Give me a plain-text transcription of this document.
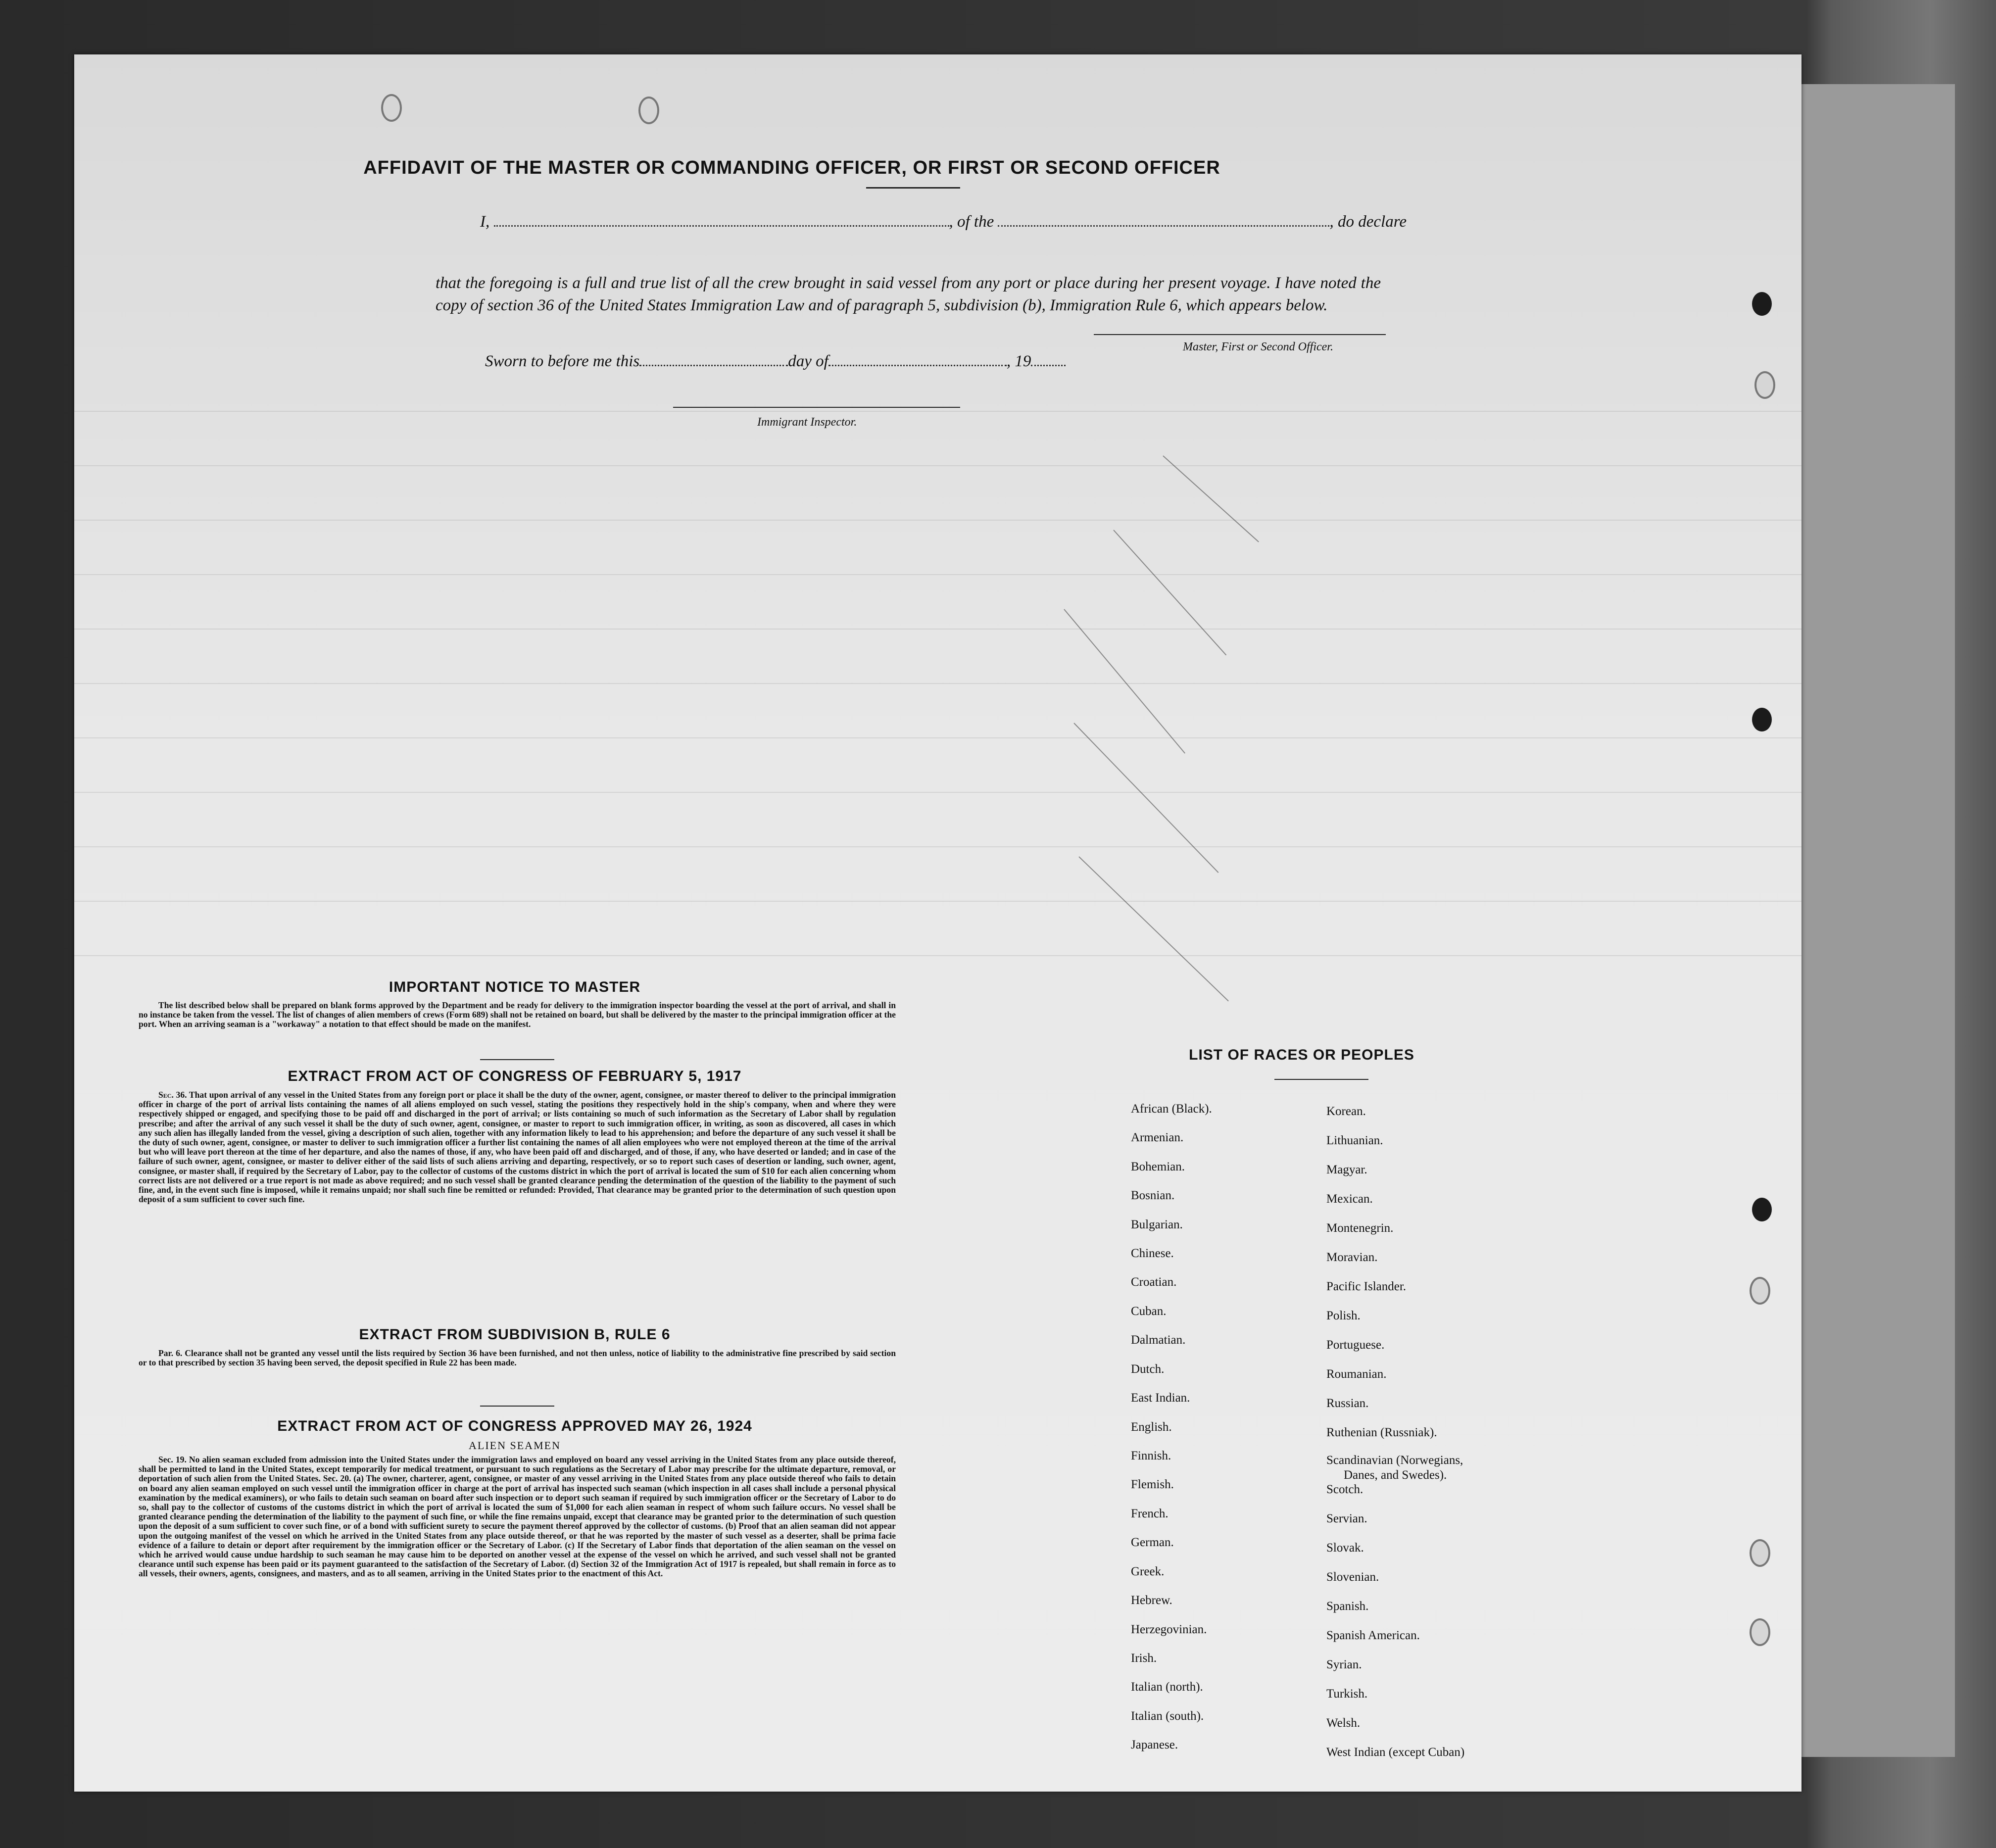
AFFIDAVIT OF THE MASTER OR COMMANDING OFFICER, OR FIRST OR SECOND OFFICER
I,	, of the	, do declare
that the foregoing is a full and true list of all the crew brought in said vessel from any port or place during her present voyage. I have noted the copy of section 36 of the United States Immigration Law and of paragraph 5, subdivision (b), Immigration Rule 6, which appears below.
Master, First or Second Officer.
Sworn to before me this	day of	, 19
Immigrant Inspector.
IMPORTANT NOTICE TO MASTER
The list described below shall be prepared on blank forms approved by the Department and be ready for delivery to the immigration inspector boarding the vessel at the port of arrival, and shall in no instance be taken from the vessel. The list of changes of alien members of crews (Form 689) shall not be retained on board, but shall be delivered by the master to the principal immigration officer at the port. When an arriving seaman is a "workaway" a notation to that effect should be made on the manifest.
EXTRACT FROM ACT OF CONGRESS OF FEBRUARY 5, 1917
Sec. 36. That upon arrival of any vessel in the United States from any foreign port or place it shall be the duty of the owner, agent, consignee, or master thereof to deliver to the principal immigration officer in charge of the port of arrival lists containing the names of all aliens employed on such vessel, stating the positions they respectively hold in the ship's company, when and where they were respectively shipped or engaged, and specifying those to be paid off and discharged in the port of arrival; or lists containing so much of such information as the Secretary of Labor shall by regulation prescribe; and after the arrival of any such vessel it shall be the duty of such owner, agent, consignee, or master to report to such immigration officer, in writing, as soon as discovered, all cases in which any such alien has illegally landed from the vessel, giving a description of such alien, together with any information likely to lead to his apprehension; and before the departure of any such vessel it shall be the duty of such owner, agent, consignee, or master to deliver to such immigration officer a further list containing the names of all alien employees who were not employed thereon at the time of the arrival but who will leave port thereon at the time of her departure, and also the names of those, if any, who have been paid off and discharged, and of those, if any, who have deserted or landed; and in case of the failure of such owner, agent, consignee, or master to deliver either of the said lists of such aliens arriving and departing, respectively, or so to report such cases of desertion or landing, such owner, agent, consignee, or master shall, if required by the Secretary of Labor, pay to the collector of customs of the customs district in which the port of arrival is located the sum of $10 for each alien concerning whom correct lists are not delivered or a true report is not made as above required; and no such vessel shall be granted clearance pending the determination of the question of the liability to the payment of such fine, and, in the event such fine is imposed, while it remains unpaid; nor shall such fine be remitted or refunded: Provided, That clearance may be granted prior to the determination of such question upon deposit of a sum sufficient to cover such fine.
EXTRACT FROM SUBDIVISION B, RULE 6
Par. 6. Clearance shall not be granted any vessel until the lists required by Section 36 have been furnished, and not then unless, notice of liability to the administrative fine prescribed by said section or to that prescribed by section 35 having been served, the deposit specified in Rule 22 has been made.
EXTRACT FROM ACT OF CONGRESS APPROVED MAY 26, 1924
ALIEN SEAMEN
Sec. 19. No alien seaman excluded from admission into the United States under the immigration laws and employed on board any vessel arriving in the United States from any place outside thereof, shall be permitted to land in the United States, except temporarily for medical treatment, or pursuant to such regulations as the Secretary of Labor may prescribe for the ultimate departure, removal, or deportation of such alien from the United States. Sec. 20. (a) The owner, charterer, agent, consignee, or master of any vessel arriving in the United States from any place outside thereof who fails to detain on board any alien seaman employed on such vessel until the immigration officer in charge at the port of arrival has inspected such seaman (which inspection in all cases shall include a personal physical examination by the medical examiners), or who fails to detain such seaman on board after such inspection or to deport such seaman if required by such immigration officer or the Secretary of Labor to do so, shall pay to the collector of customs of the customs district in which the port of arrival is located the sum of $1,000 for each alien seaman in respect of whom such failure occurs. No vessel shall be granted clearance pending the determination of the liability to the payment of such fine, or while the fine remains unpaid, except that clearance may be granted prior to the determination of such question upon the deposit of a sum sufficient to cover such fine, or of a bond with sufficient surety to secure the payment thereof approved by the collector of customs. (b) Proof that an alien seaman did not appear upon the outgoing manifest of the vessel on which he arrived in the United States from any place outside thereof, or that he was reported by the master of such vessel as a deserter, shall be prima facie evidence of a failure to detain or deport after requirement by the immigration officer or the Secretary of Labor. (c) If the Secretary of Labor finds that deportation of the alien seaman on the vessel on which he arrived would cause undue hardship to such seaman he may cause him to be deported on another vessel at the expense of the vessel on which he arrived, and such vessel shall not be granted clearance until such expense has been paid or its payment guaranteed to the satisfaction of the Secretary of Labor. (d) Section 32 of the Immigration Act of 1917 is repealed, but shall remain in force as to all vessels, their owners, agents, consignees, and masters, and as to all seamen, arriving in the United States prior to the enactment of this Act.
LIST OF RACES OR PEOPLES
African (Black).
Armenian.
Bohemian.
Bosnian.
Bulgarian.
Chinese.
Croatian.
Cuban.
Dalmatian.
Dutch.
East Indian.
English.
Finnish.
Flemish.
French.
German.
Greek.
Hebrew.
Herzegovinian.
Irish.
Italian (north).
Italian (south).
Japanese.
Korean.
Lithuanian.
Magyar.
Mexican.
Montenegrin.
Moravian.
Pacific Islander.
Polish.
Portuguese.
Roumanian.
Russian.
Ruthenian (Russniak).
Scandinavian (Norwegians,
Danes, and Swedes).
Scotch.
Servian.
Slovak.
Slovenian.
Spanish.
Spanish American.
Syrian.
Turkish.
Welsh.
West Indian (except Cuban)
